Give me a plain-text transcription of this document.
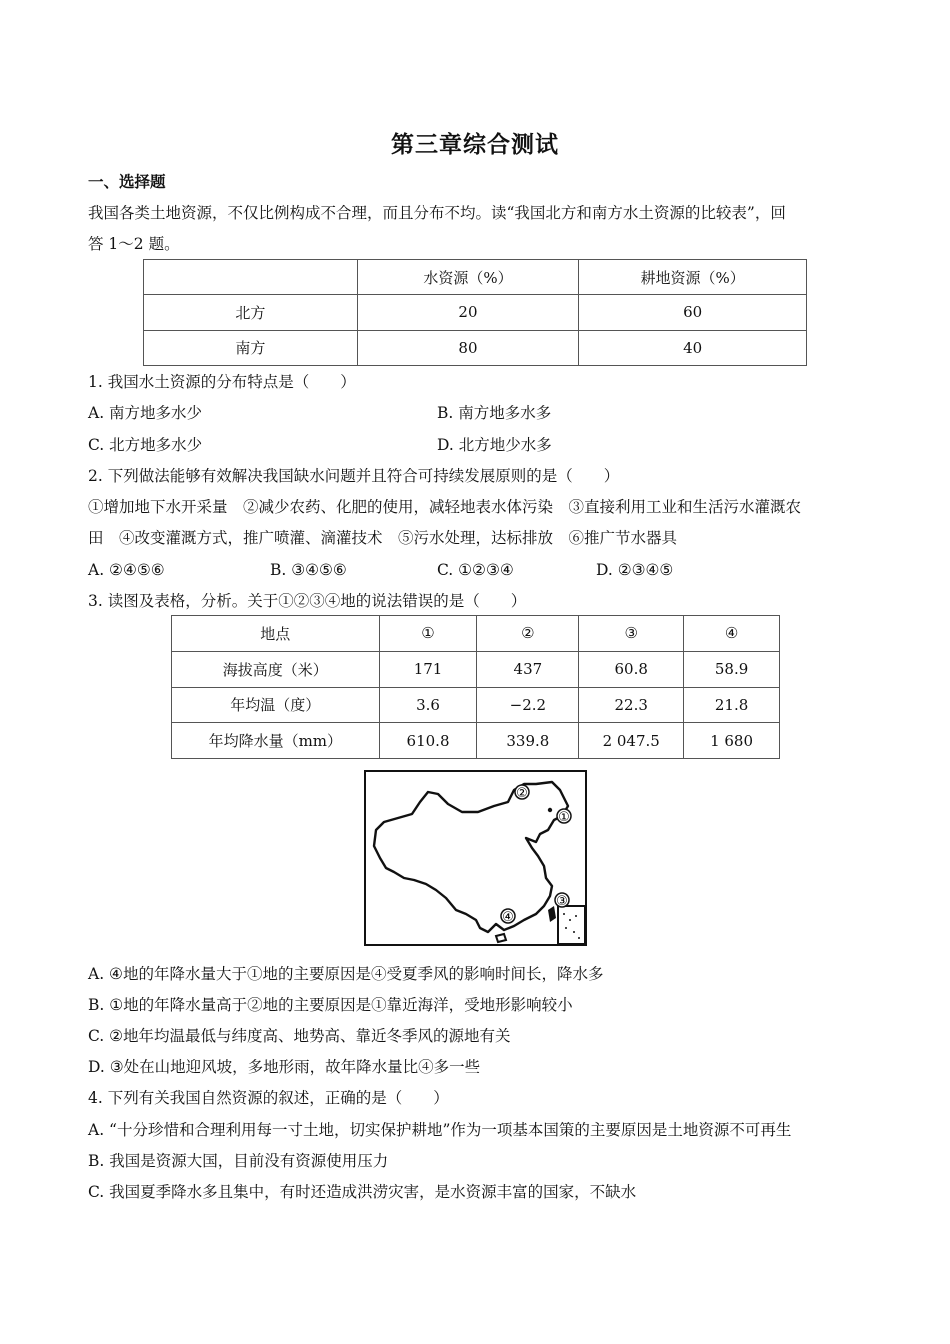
第三章综合测试
一、选择题
我国各类土地资源，不仅比例构成不合理，而且分布不均。读“我国北方和南方水土资源的比较表”，回
答 1～2 题。
	水资源（%）	耕地资源（%）
北方	20	60
南方	80	40
1. 我国水土资源的分布特点是（　　）
A. 南方地多水少	B. 南方地多水多
C. 北方地多水少	D. 北方地少水多
2. 下列做法能够有效解决我国缺水问题并且符合可持续发展原则的是（　　）
①增加地下水开采量　②减少农药、化肥的使用，减轻地表水体污染　③直接利用工业和生活污水灌溉农
田　④改变灌溉方式，推广喷灌、滴灌技术　⑤污水处理，达标排放　⑥推广节水器具
A. ②④⑤⑥	B. ③④⑤⑥	C. ①②③④	D. ②③④⑤
3. 读图及表格，分析。关于①②③④地的说法错误的是（　　）
地点	①	②	③	④
海拔高度（米）	171	437	60.8	58.9
年均温（度）	3.6	−2.2	22.3	21.8
年均降水量（mm）	610.8	339.8	2 047.5	1 680
①
②
③
④
A. ④地的年降水量大于①地的主要原因是④受夏季风的影响时间长，降水多
B. ①地的年降水量高于②地的主要原因是①靠近海洋，受地形影响较小
C. ②地年均温最低与纬度高、地势高、靠近冬季风的源地有关
D. ③处在山地迎风坡，多地形雨，故年降水量比④多一些
4. 下列有关我国自然资源的叙述，正确的是（　　）
A. “十分珍惜和合理利用每一寸土地，切实保护耕地”作为一项基本国策的主要原因是土地资源不可再生
B. 我国是资源大国，目前没有资源使用压力
C. 我国夏季降水多且集中，有时还造成洪涝灾害，是水资源丰富的国家，不缺水
